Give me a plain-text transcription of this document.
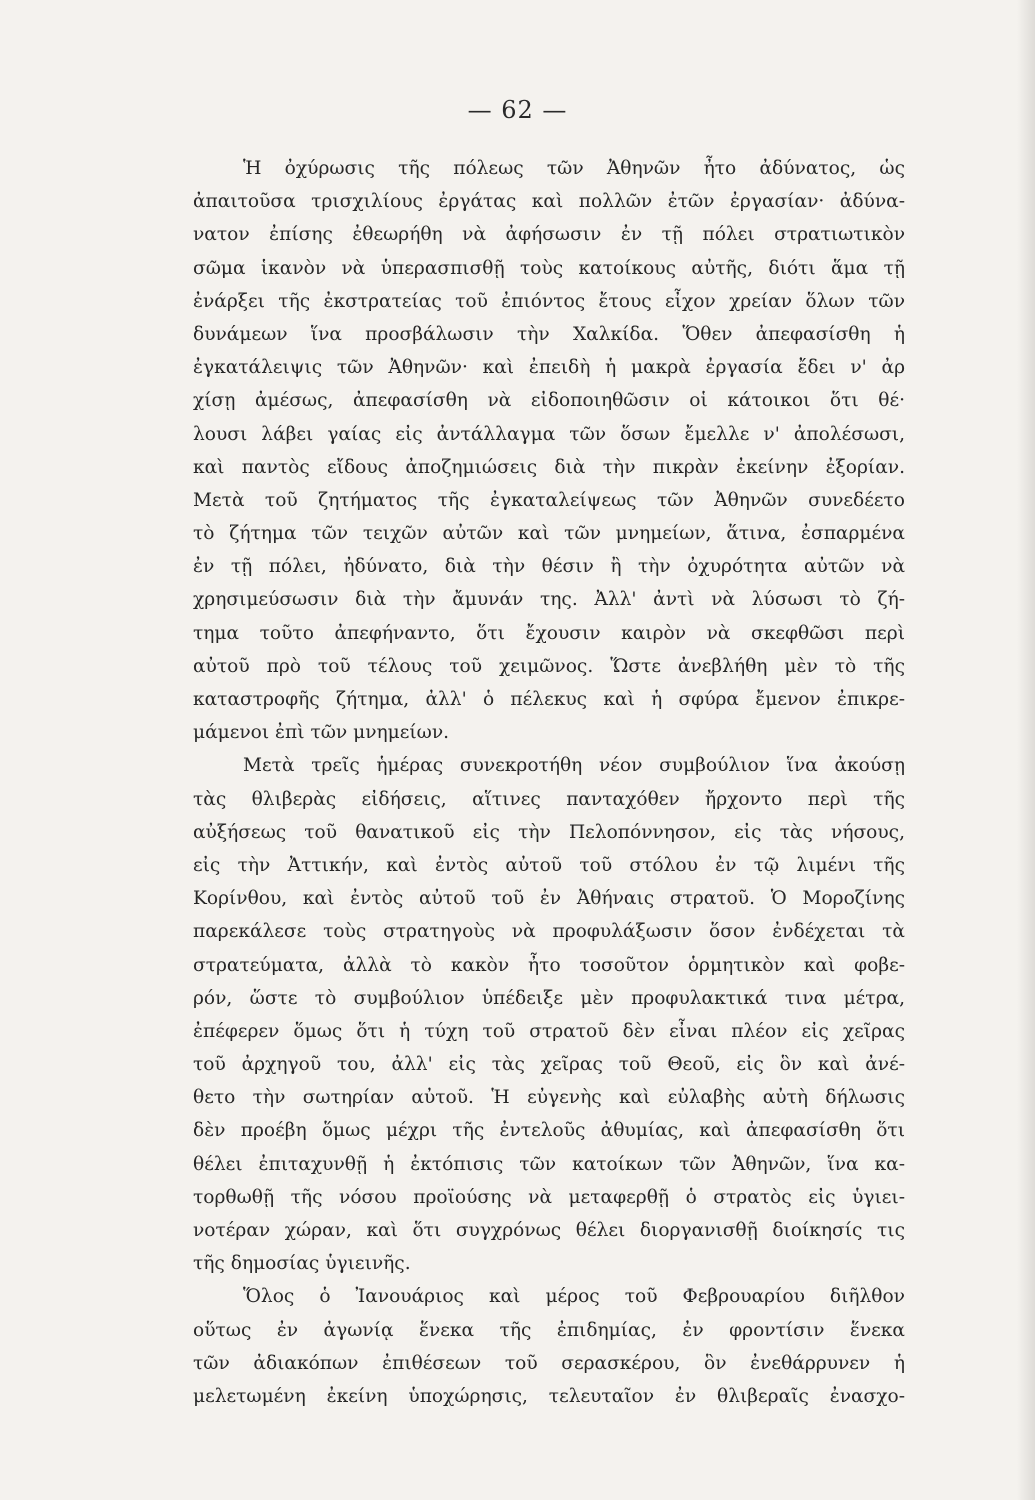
— 62 —
Ἡ ὀχύρωσις τῆς πόλεως τῶν Ἀθηνῶν ἦτο ἀδύνατος, ὡς
ἀπαιτοῦσα τρισχιλίους ἐργάτας καὶ πολλῶν ἐτῶν ἐργασίαν· ἀδύνα-
νατον ἐπίσης ἐθεωρήθη νὰ ἀφήσωσιν ἐν τῇ πόλει στρατιωτικὸν
σῶμα ἱκανὸν νὰ ὑπερασπισθῇ τοὺς κατοίκους αὐτῆς, διότι ἅμα τῇ
ἐνάρξει τῆς ἐκστρατείας τοῦ ἐπιόντος ἔτους εἶχον χρείαν ὅλων τῶν
δυνάμεων ἵνα προσβάλωσιν τὴν Χαλκίδα. Ὅθεν ἀπεφασίσθη ἡ
ἐγκατάλειψις τῶν Ἀθηνῶν· καὶ ἐπειδὴ ἡ μακρὰ ἐργασία ἔδει ν' ἀρ
χίσῃ ἀμέσως, ἀπεφασίσθη νὰ εἰδοποιηθῶσιν οἱ κάτοικοι ὅτι θέ·
λουσι λάβει γαίας εἰς ἀντάλλαγμα τῶν ὅσων ἔμελλε ν' ἀπολέσωσι,
καὶ παντὸς εἴδους ἀποζημιώσεις διὰ τὴν πικρὰν ἐκείνην ἐξορίαν.
Μετὰ τοῦ ζητήματος τῆς ἐγκαταλείψεως τῶν Ἀθηνῶν συνεδέετο
τὸ ζήτημα τῶν τειχῶν αὐτῶν καὶ τῶν μνημείων, ἅτινα, ἐσπαρμένα
ἐν τῇ πόλει, ἠδύνατο, διὰ τὴν θέσιν ἢ τὴν ὀχυρότητα αὐτῶν νὰ
χρησιμεύσωσιν διὰ τὴν ἄμυνάν της. Ἀλλ' ἀντὶ νὰ λύσωσι τὸ ζή-
τημα τοῦτο ἀπεφήναντο, ὅτι ἔχουσιν καιρὸν νὰ σκεφθῶσι περὶ
αὐτοῦ πρὸ τοῦ τέλους τοῦ χειμῶνος. Ὥστε ἀνεβλήθη μὲν τὸ τῆς
καταστροφῆς ζήτημα, ἀλλ' ὁ πέλεκυς καὶ ἡ σφύρα ἔμενον ἐπικρε-
μάμενοι ἐπὶ τῶν μνημείων.
Μετὰ τρεῖς ἡμέρας συνεκροτήθη νέον συμβούλιον ἵνα ἀκούσῃ
τὰς θλιβερὰς εἰδήσεις, αἵτινες πανταχόθεν ἤρχοντο περὶ τῆς
αὐξήσεως τοῦ θανατικοῦ εἰς τὴν Πελοπόννησον, εἰς τὰς νήσους,
εἰς τὴν Ἀττικήν, καὶ ἐντὸς αὐτοῦ τοῦ στόλου ἐν τῷ λιμένι τῆς
Κορίνθου, καὶ ἐντὸς αὐτοῦ τοῦ ἐν Ἀθήναις στρατοῦ. Ὁ Μοροζίνης
παρεκάλεσε τοὺς στρατηγοὺς νὰ προφυλάξωσιν ὅσον ἐνδέχεται τὰ
στρατεύματα, ἀλλὰ τὸ κακὸν ἦτο τοσοῦτον ὁρμητικὸν καὶ φοβε-
ρόν, ὥστε τὸ συμβούλιον ὑπέδειξε μὲν προφυλακτικά τινα μέτρα,
ἐπέφερεν ὅμως ὅτι ἡ τύχη τοῦ στρατοῦ δὲν εἶναι πλέον εἰς χεῖρας
τοῦ ἀρχηγοῦ του, ἀλλ' εἰς τὰς χεῖρας τοῦ Θεοῦ, εἰς ὃν καὶ ἀνέ-
θετο τὴν σωτηρίαν αὐτοῦ. Ἡ εὐγενὴς καὶ εὐλαβὴς αὐτὴ δήλωσις
δὲν προέβη ὅμως μέχρι τῆς ἐντελοῦς ἀθυμίας, καὶ ἀπεφασίσθη ὅτι
θέλει ἐπιταχυνθῇ ἡ ἐκτόπισις τῶν κατοίκων τῶν Ἀθηνῶν, ἵνα κα-
τορθωθῇ τῆς νόσου προϊούσης νὰ μεταφερθῇ ὁ στρατὸς εἰς ὑγιει-
νοτέραν χώραν, καὶ ὅτι συγχρόνως θέλει διοργανισθῇ διοίκησίς τις
τῆς δημοσίας ὑγιεινῆς.
Ὅλος ὁ Ἰανουάριος καὶ μέρος τοῦ Φεβρουαρίου διῆλθον
οὕτως ἐν ἀγωνίᾳ ἕνεκα τῆς ἐπιδημίας, ἐν φροντίσιν ἕνεκα
τῶν ἀδιακόπων ἐπιθέσεων τοῦ σερασκέρου, ὃν ἐνεθάρρυνεν ἡ
μελετωμένη ἐκείνη ὑποχώρησις, τελευταῖον ἐν θλιβεραῖς ἐνασχο-
